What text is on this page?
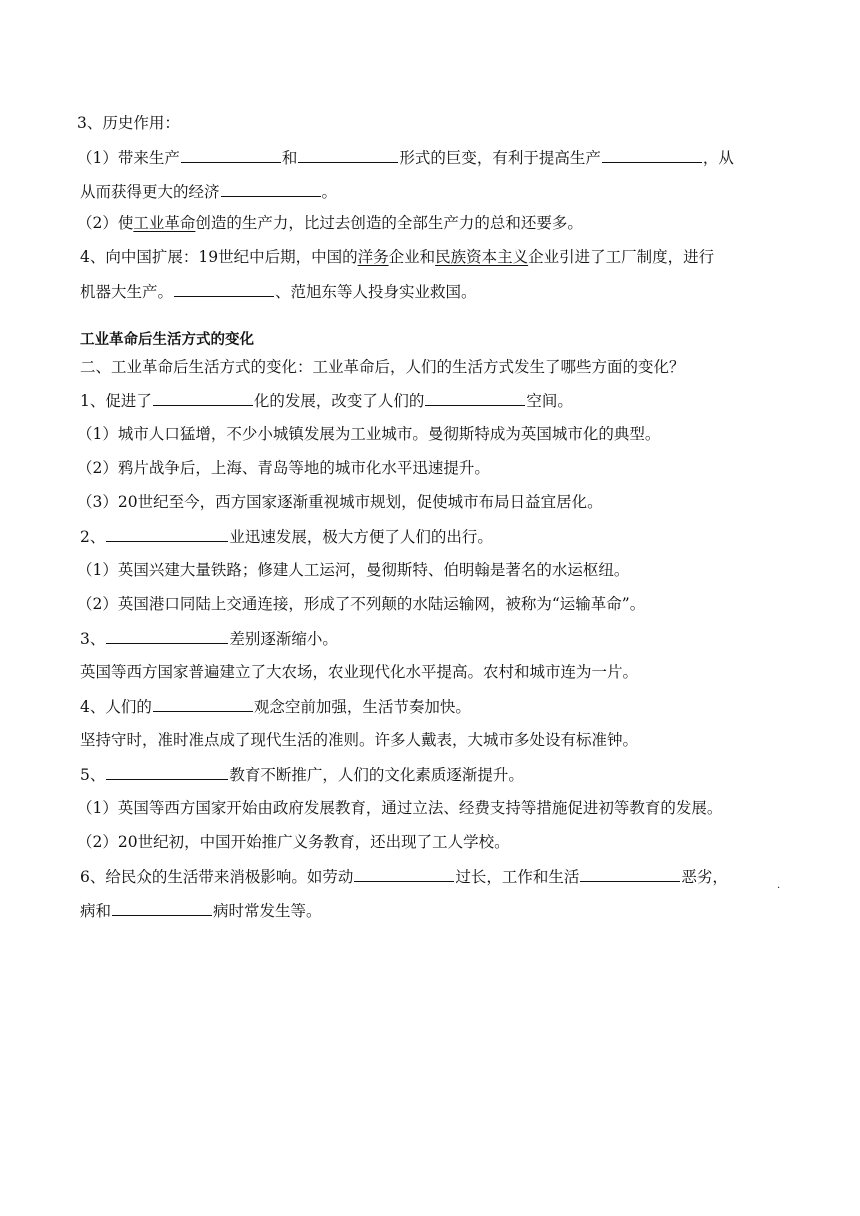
3、历史作用：
（1）带来生产	和	形式的巨变，有利于提高生产	，从
从而获得更大的经济	。
（2）使工业革命创造的生产力，比过去创造的全部生产力的总和还要多。
4、向中国扩展：19世纪中后期，中国的洋务企业和民族资本主义企业引进了工厂制度，进行
机器大生产。	、范旭东等人投身实业救国。
工业革命后生活方式的变化
二、工业革命后生活方式的变化：工业革命后，人们的生活方式发生了哪些方面的变化？
1、促进了	化的发展，改变了人们的	空间。
（1）城市人口猛增，不少小城镇发展为工业城市。曼彻斯特成为英国城市化的典型。
（2）鸦片战争后，上海、青岛等地的城市化水平迅速提升。
（3）20世纪至今，西方国家逐渐重视城市规划，促使城市布局日益宜居化。
2、	业迅速发展，极大方便了人们的出行。
（1）英国兴建大量铁路；修建人工运河，曼彻斯特、伯明翰是著名的水运枢纽。
（2）英国港口同陆上交通连接，形成了不列颠的水陆运输网，被称为“运输革命”。
3、	差别逐渐缩小。
英国等西方国家普遍建立了大农场，农业现代化水平提高。农村和城市连为一片。
4、人们的	观念空前加强，生活节奏加快。
坚持守时，准时准点成了现代生活的准则。许多人戴表，大城市多处设有标准钟。
5、	教育不断推广，人们的文化素质逐渐提升。
（1）英国等西方国家开始由政府发展教育，通过立法、经费支持等措施促进初等教育的发展。
（2）20世纪初，中国开始推广义务教育，还出现了工人学校。
6、给民众的生活带来消极影响。如劳动	过长，工作和生活	恶劣，	.
病和	病时常发生等。
